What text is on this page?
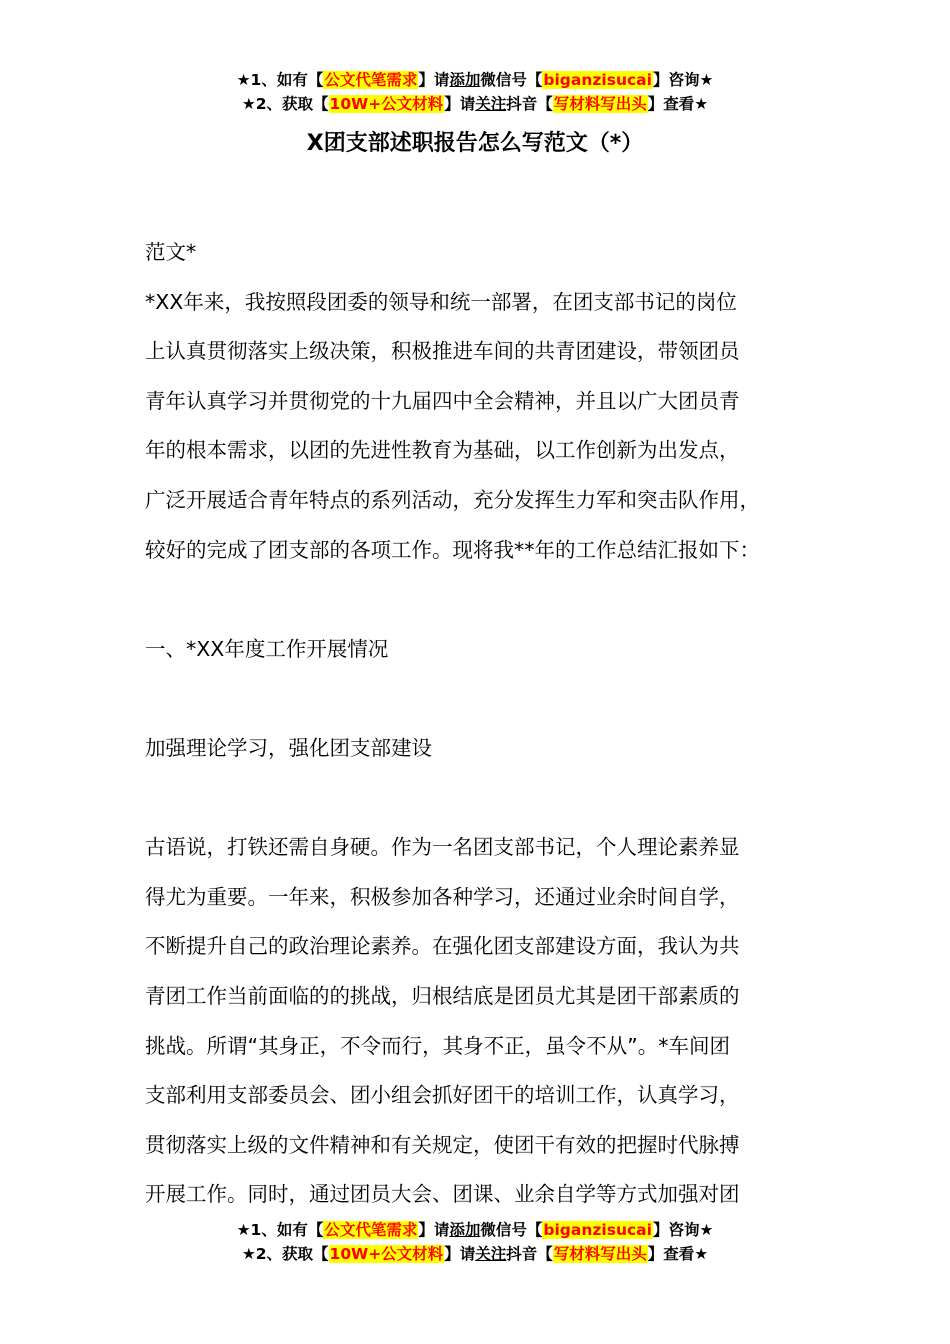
★1、如有【公文代笔需求】请添加微信号【biganzisucai】咨询★
★2、获取【10W+公文材料】请关注抖音【写材料写出头】查看★
X团支部述职报告怎么写范文（*）

范文*

*XX年来，我按照段团委的领导和统一部署，在团支部书记的岗位

上认真贯彻落实上级决策，积极推进车间的共青团建设，带领团员

青年认真学习并贯彻党的十九届四中全会精神，并且以广大团员青

年的根本需求，以团的先进性教育为基础，以工作创新为出发点，

广泛开展适合青年特点的系列活动，充分发挥生力军和突击队作用，

较好的完成了团支部的各项工作。现将我**年的工作总结汇报如下：

一、*XX年度工作开展情况

加强理论学习，强化团支部建设

古语说，打铁还需自身硬。作为一名团支部书记，个人理论素养显

得尤为重要。一年来，积极参加各种学习，还通过业余时间自学，

不断提升自己的政治理论素养。在强化团支部建设方面，我认为共

青团工作当前面临的的挑战，归根结底是团员尤其是团干部素质的

挑战。所谓“其身正，不令而行，其身不正，虽令不从”。*车间团

支部利用支部委员会、团小组会抓好团干的培训工作，认真学习，

贯彻落实上级的文件精神和有关规定，使团干有效的把握时代脉搏

开展工作。同时，通过团员大会、团课、业余自学等方式加强对团

★1、如有【公文代笔需求】请添加微信号【biganzisucai】咨询★
★2、获取【10W+公文材料】请关注抖音【写材料写出头】查看★
